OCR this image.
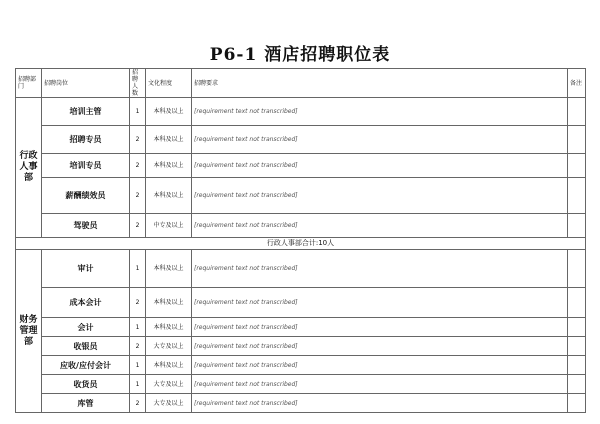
P6-1 酒店招聘职位表
招聘部门	招聘岗位	招聘人数	文化程度	招聘要求	备注
行政人事部	培训主管	1	本科及以上	[requirement text not transcribed]	
	招聘专员	2	本科及以上	[requirement text not transcribed]	
	培训专员	2	本科及以上	[requirement text not transcribed]	
	薪酬绩效员	2	本科及以上	[requirement text not transcribed]	
	驾驶员	2	中专及以上	[requirement text not transcribed]	
行政人事部合计:10人					
财务管理部	审计	1	本科及以上	[requirement text not transcribed]	
	成本会计	2	本科及以上	[requirement text not transcribed]	
	会计	1	本科及以上	[requirement text not transcribed]	
	收银员	2	大专及以上	[requirement text not transcribed]	
	应收/应付会计	1	本科及以上	[requirement text not transcribed]	
	收货员	1	大专及以上	[requirement text not transcribed]	
	库管	2	大专及以上	[requirement text not transcribed]	
